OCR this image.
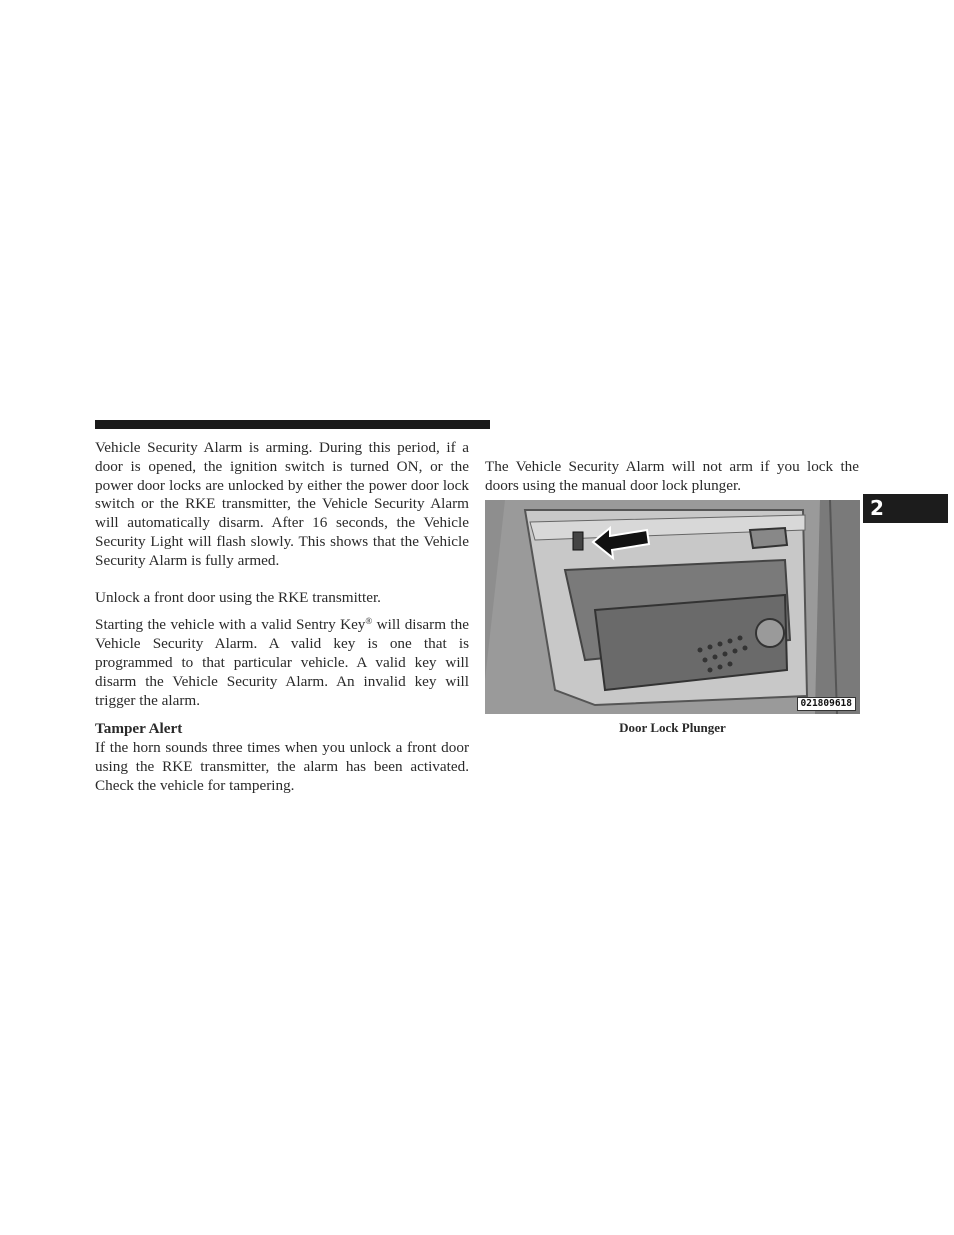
Vehicle Security Alarm is arming. During this period, if a door is opened, the ignition switch is turned ON, or the power door locks are unlocked by either the power door lock switch or the RKE transmitter, the Vehicle Security Alarm will automatically disarm. After 16 seconds, the Vehicle Security Light will flash slowly. This shows that the Vehicle Security Alarm is fully armed.

Unlock a front door using the RKE transmitter.

Starting the vehicle with a valid Sentry Key® will disarm the Vehicle Security Alarm. A valid key is one that is programmed to that particular vehicle. A valid key will disarm the Vehicle Security Alarm. An invalid key will trigger the alarm.

Tamper Alert

If the horn sounds three times when you unlock a front door using the RKE transmitter, the alarm has been activated. Check the vehicle for tampering.

The Vehicle Security Alarm will not arm if you lock the doors using the manual door lock plunger.

2
021809618
Door Lock Plunger
